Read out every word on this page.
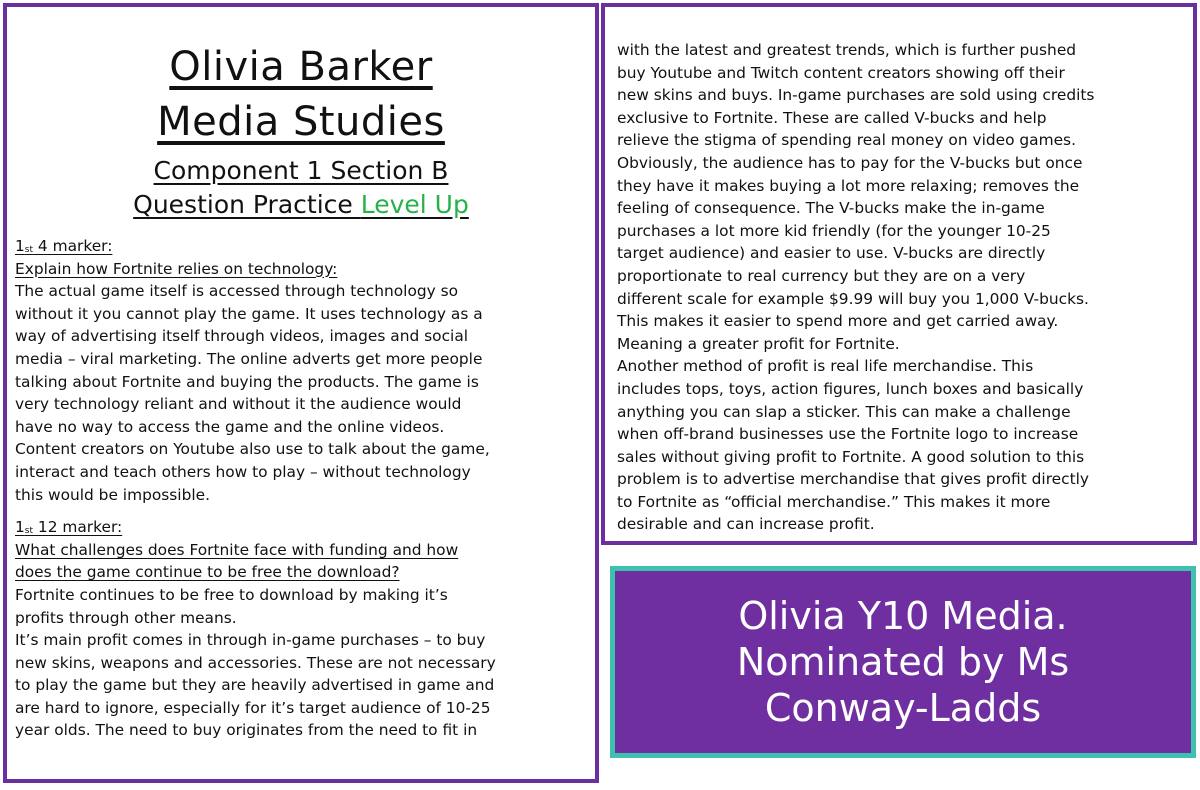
Olivia Barker

Media Studies

Component 1 Section B

Question Practice Level Up

1st 4 marker:
Explain how Fortnite relies on technology:

The actual game itself is accessed through technology so

without it you cannot play the game. It uses technology as a

way of advertising itself through videos, images and social

media – viral marketing. The online adverts get more people

talking about Fortnite and buying the products. The game is

very technology reliant and without it the audience would

have no way to access the game and the online videos.

Content creators on Youtube also use to talk about the game,

interact and teach others how to play – without technology

this would be impossible.

1st 12 marker:
What challenges does Fortnite face with funding and how
does the game continue to be free the download?

Fortnite continues to be free to download by making it’s

profits through other means.

It’s main profit comes in through in-game purchases – to buy

new skins, weapons and accessories. These are not necessary

to play the game but they are heavily advertised in game and

are hard to ignore, especially for it’s target audience of 10-25

year olds. The need to buy originates from the need to fit in

with the latest and greatest trends, which is further pushed

buy Youtube and Twitch content creators showing off their

new skins and buys. In-game purchases are sold using credits

exclusive to Fortnite. These are called V-bucks and help

relieve the stigma of spending real money on video games.

Obviously, the audience has to pay for the V-bucks but once

they have it makes buying a lot more relaxing; removes the

feeling of consequence. The V-bucks make the in-game

purchases a lot more kid friendly (for the younger 10-25

target audience) and easier to use. V-bucks are directly

proportionate to real currency but they are on a very

different scale for example $9.99 will buy you 1,000 V-bucks.

This makes it easier to spend more and get carried away.

Meaning a greater profit for Fortnite.

Another method of profit is real life merchandise. This

includes tops, toys, action figures, lunch boxes and basically

anything you can slap a sticker. This can make a challenge

when off-brand businesses use the Fortnite logo to increase

sales without giving profit to Fortnite. A good solution to this

problem is to advertise merchandise that gives profit directly

to Fortnite as “official merchandise.” This makes it more

desirable and can increase profit.

Olivia Y10 Media.
Nominated by Ms
Conway-Ladds
